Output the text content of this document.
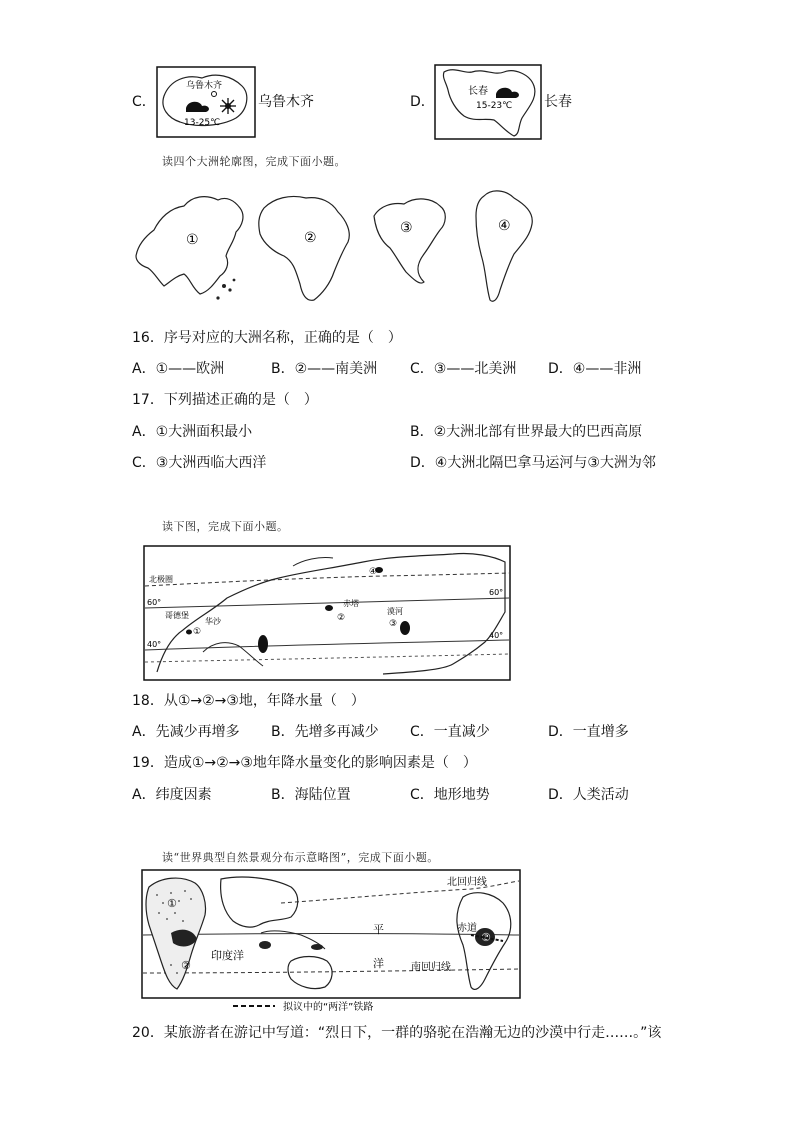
C．
乌鲁木齐
13-25℃
乌鲁木齐	D．
长春
15-23℃ 长春
读四个大洲轮廓图，完成下面小题。
①	②
③	④
16．序号对应的大洲名称，正确的是（　）
A．①——欧洲	B．②——南美洲 C．③——北美洲 D．④——非洲
17．下列描述正确的是（　）
A．①大洲面积最小	B．②大洲北部有世界最大的巴西高原
C．③大洲西临大西洋	D．④大洲北隔巴拿马运河与③大洲为邻
读下图，完成下面小题。
北极圈
60°
60°
40°
40°
①
②
③
④
哥德堡
华沙
赤塔
漠河
18．从①→②→③地，年降水量（　）
A．先减少再增多 B．先增多再减少 C．一直减少	D．一直增多
19．造成①→②→③地年降水量变化的影响因素是（　）
A．纬度因素	B．海陆位置	C．地形地势	D．人类活动
读“世界典型自然景观分布示意略图”，完成下面小题。
北回归线
赤道
南回归线
①
②
印度洋
平
洋
③
拟议中的“两洋”铁路
20．某旅游者在游记中写道：“烈日下，一群的骆驼在浩瀚无边的沙漠中行走……。”该
